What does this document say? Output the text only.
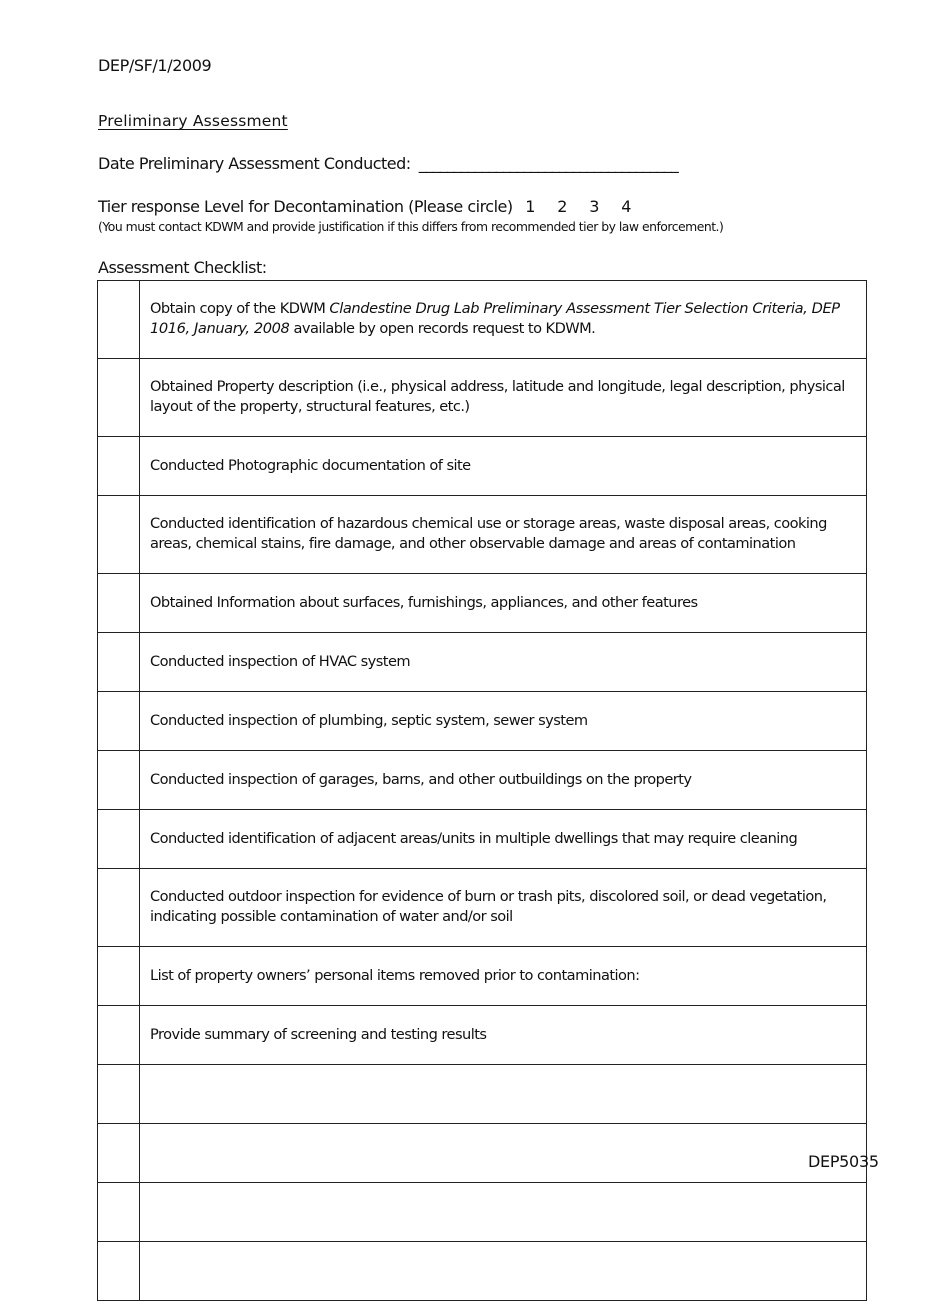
DEP/SF/1/2009
Preliminary Assessment
Date Preliminary Assessment Conducted: _____________________________________
Tier response Level for Decontamination (Please circle) 1 2 3 4
(You must contact KDWM and provide justification if this differs from recommended tier by law enforcement.)
Assessment Checklist:
	Obtain copy of the KDWM Clandestine Drug Lab Preliminary Assessment Tier Selection Criteria, DEP 1016, January, 2008 available by open records request to KDWM.
	Obtained Property description (i.e., physical address, latitude and longitude, legal description, physical layout of the property, structural features, etc.)
	Conducted Photographic documentation of site
	Conducted identification of hazardous chemical use or storage areas, waste disposal areas, cooking areas, chemical stains, fire damage, and other observable damage and areas of contamination
	Obtained Information about surfaces, furnishings, appliances, and other features
	Conducted inspection of HVAC system
	Conducted inspection of plumbing, septic system, sewer system
	Conducted inspection of garages, barns, and other outbuildings on the property
	Conducted identification of adjacent areas/units in multiple dwellings that may require cleaning
	Conducted outdoor inspection for evidence of burn or trash pits, discolored soil, or dead vegetation, indicating possible contamination of water and/or soil
	List of property owners’ personal items removed prior to contamination:
	Provide summary of screening and testing results

DEP5035
